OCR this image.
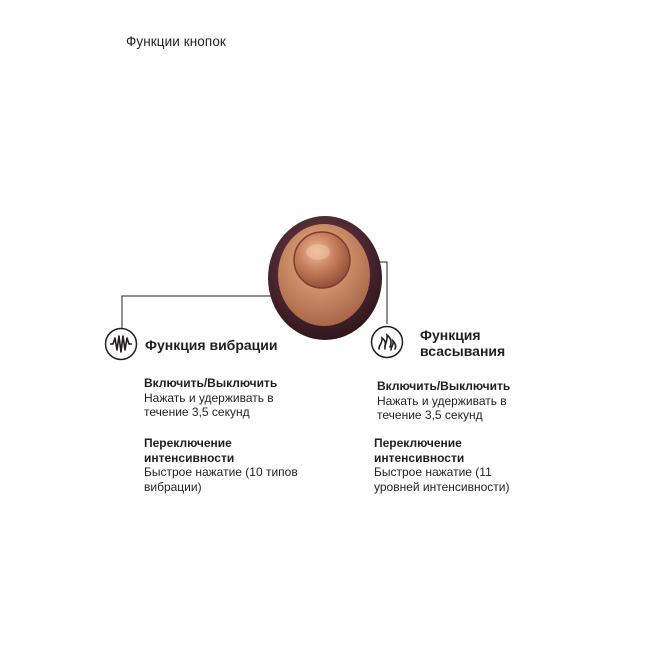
Функции кнопок
Функция вибрации
Функция
всасывания
Включить/Выключить
Нажать и удерживать в течение 3,5 секунд
Переключение интенсивности
Быстрое нажатие (10 типов вибрации)
Включить/Выключить
Нажать и удерживать в течение 3,5 секунд
Переключение интенсивности
Быстрое нажатие (11 уровней интенсивности)
